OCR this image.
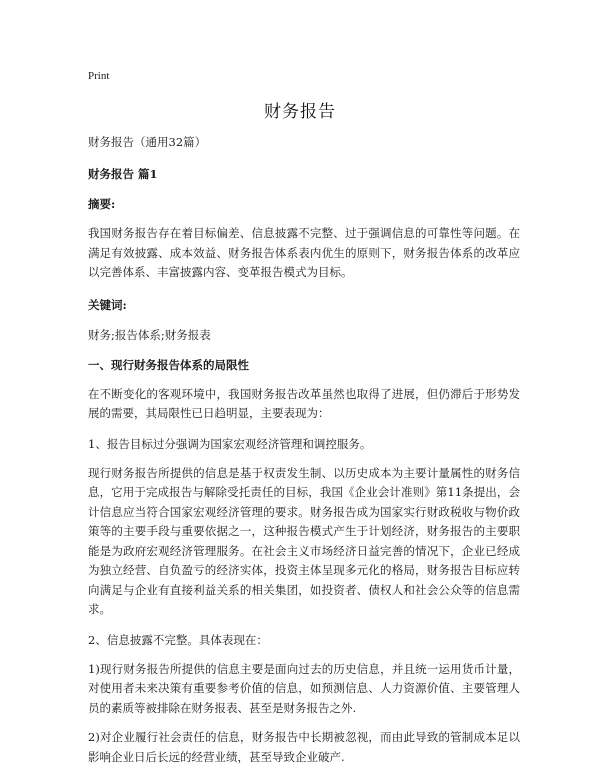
Print
财务报告

财务报告（通用32篇）

财务报告 篇1

摘要:

我国财务报告存在着目标偏差、信息披露不完整、过于强调信息的可靠性等问题。在满足有效披露、成本效益、财务报告体系表内优生的原则下，财务报告体系的改革应以完善体系、丰富披露内容、变革报告模式为目标。

关键词:

财务;报告体系;财务报表

一、现行财务报告体系的局限性

在不断变化的客观环境中，我国财务报告改革虽然也取得了进展，但仍滞后于形势发展的需要，其局限性已日趋明显，主要表现为：

1、报告目标过分强调为国家宏观经济管理和调控服务。

现行财务报告所提供的信息是基于权责发生制、以历史成本为主要计量属性的财务信息，它用于完成报告与解除受托责任的目标，我国《企业会计准则》第11条提出，会计信息应当符合国家宏观经济管理的要求。财务报告成为国家实行财政税收与物价政策等的主要手段与重要依据之一，这种报告模式产生于计划经济，财务报告的主要职能是为政府宏观经济管理服务。在社会主义市场经济日益完善的情况下，企业已经成为独立经营、自负盈亏的经济实体，投资主体呈现多元化的格局，财务报告目标应转向满足与企业有直接利益关系的相关集团，如投资者、债权人和社会公众等的信息需求。

2、信息披露不完整。具体表现在：

1)现行财务报告所提供的信息主要是面向过去的历史信息，并且统一运用货币计量，对使用者未来决策有重要参考价值的信息，如预测信息、人力资源价值、主要管理人员的素质等被排除在财务报表、甚至是财务报告之外.

2)对企业履行社会责任的信息，财务报告中长期被忽视，而由此导致的管制成本足以影响企业日后长远的经营业绩，甚至导致企业破产.
